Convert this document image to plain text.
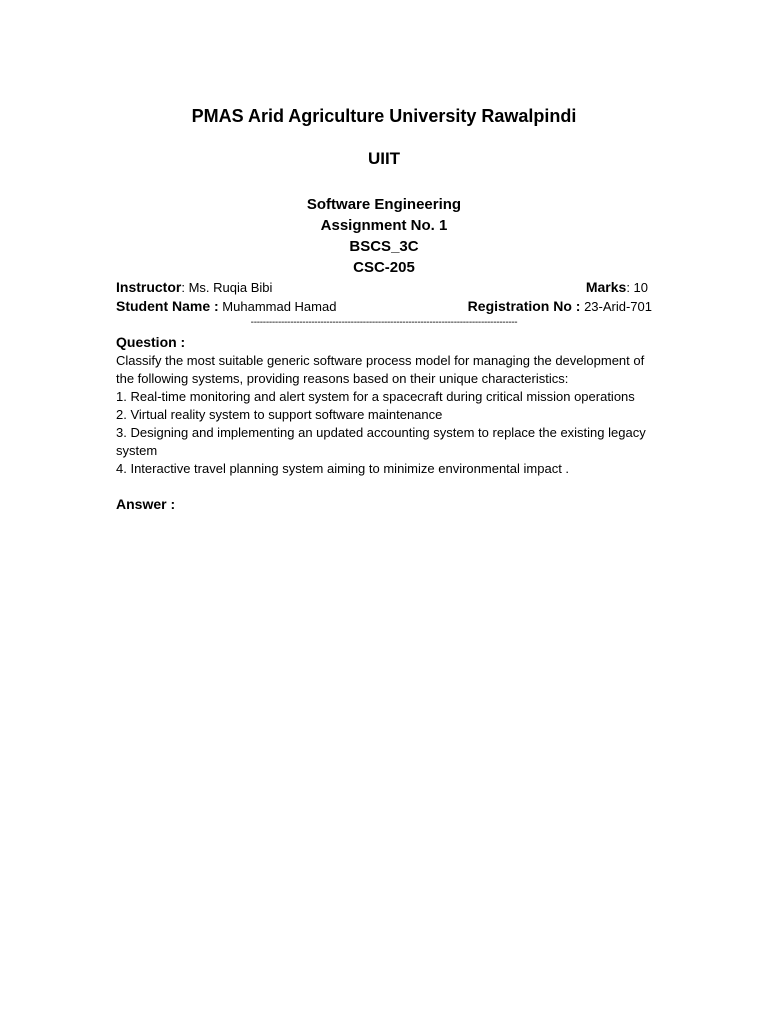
PMAS Arid Agriculture University Rawalpindi
UIIT
Software Engineering
Assignment No. 1
BSCS_3C
CSC-205
Instructor: Ms. Ruqia Bibi	Marks: 10
Student Name : Muhammad Hamad	Registration No : 23-Arid-701
----------------------------------------------------------------------------------------
Question :
Classify the most suitable generic software process model for managing the development of the following systems, providing reasons based on their unique characteristics:
1. Real-time monitoring and alert system for a spacecraft during critical mission operations
2. Virtual reality system to support software maintenance
3. Designing and implementing an updated accounting system to replace the existing legacy system
4. Interactive travel planning system aiming to minimize environmental impact .
Answer :
